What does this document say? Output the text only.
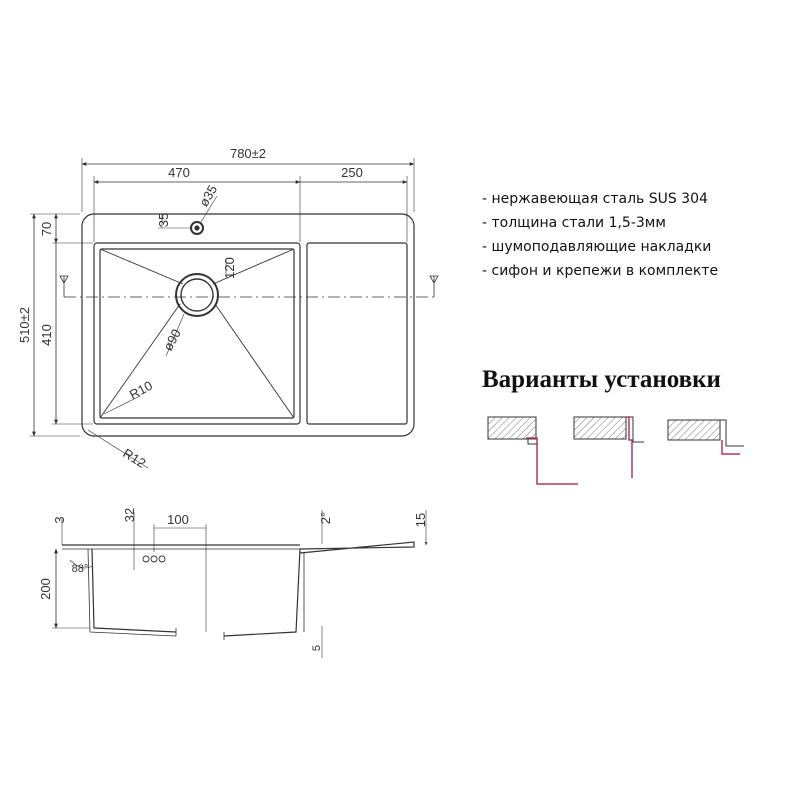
780±2
470	250
510±2 410
70
35
ø35
120
ø90
R10
R12
3	32 100
88°
200
2°	15
5

- нержавеющая сталь SUS 304

- толщина стали 1,5-3мм

- шумоподавляющие накладки

- сифон и крепежи в комплекте

Варианты установки
